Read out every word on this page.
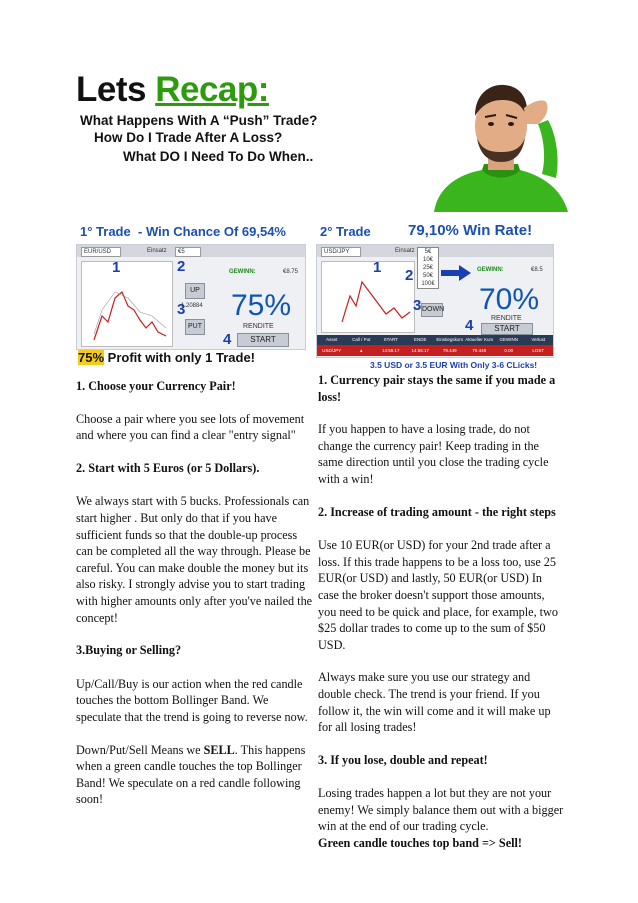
Lets Recap:
What Happens With A “Push” Trade?
How Do I Trade After A Loss?
What DO I Need To Do When..
1° Trade - Win Chance Of 69,54%
EUR/USD	Einsatz	€5
1	2
3
UP
1.20884
PUT
GEWINN:	€8.75
75%
RENDITE
4	START
75% Profit with only 1 Trade!
2° Trade 79,10% Win Rate!
USD/JPY	Einsatz	5€
10€
25€
50€
100€
1 2
3 DOWN
GEWINN:	€8.5
70%
RENDITE
4	START
Asset	Call / Put	START	ENDE	Einstiegskurs Aktueller Kurs	GEWINN	Verlust
USD/JPY	▲	14:55:17	14:56:17	79.449	79.448	0.00	LOST
3.5 USD or 3.5 EUR With Only 3-6 CLicks!

1. Choose your Currency Pair!

Choose a pair where you see lots of movement and where you can find a clear "entry signal"

2. Start with 5 Euros (or 5 Dollars).

We always start with 5 bucks. Professionals can start higher . But only do that if you have sufficient funds so that the double-up process can be completed all the way through. Please be careful. You can make double the money but its also risky. I strongly advise you to start trading with higher amounts only after you've nailed the concept!

3.Buying or Selling?

Up/Call/Buy is our action when the red candle touches the bottom Bollinger Band. We speculate that the trend is going to reverse now.

Down/Put/Sell Means we SELL. This happens when a green candle touches the top Bollinger Band! We speculate on a red candle following soon!

1. Currency pair stays the same if you made a loss!

If you happen to have a losing trade, do not change the currency pair! Keep trading in the same direction until you close the trading cycle with a win!

2. Increase of trading amount - the right steps

Use 10 EUR(or USD) for your 2nd trade after a loss. If this trade happens to be a loss too, use 25 EUR(or USD) and lastly, 50 EUR(or USD) In case the broker doesn't support those amounts, you need to be quick and place, for example, two $25 dollar trades to come up to the sum of $50 USD.

Always make sure you use our strategy and double check. The trend is your friend. If you follow it, the win will come and it will make up for all losing trades!

3. If you lose, double and repeat!

Losing trades happen a lot but they are not your enemy! We simply balance them out with a bigger win at the end of our trading cycle.

Green candle touches top band => Sell!
